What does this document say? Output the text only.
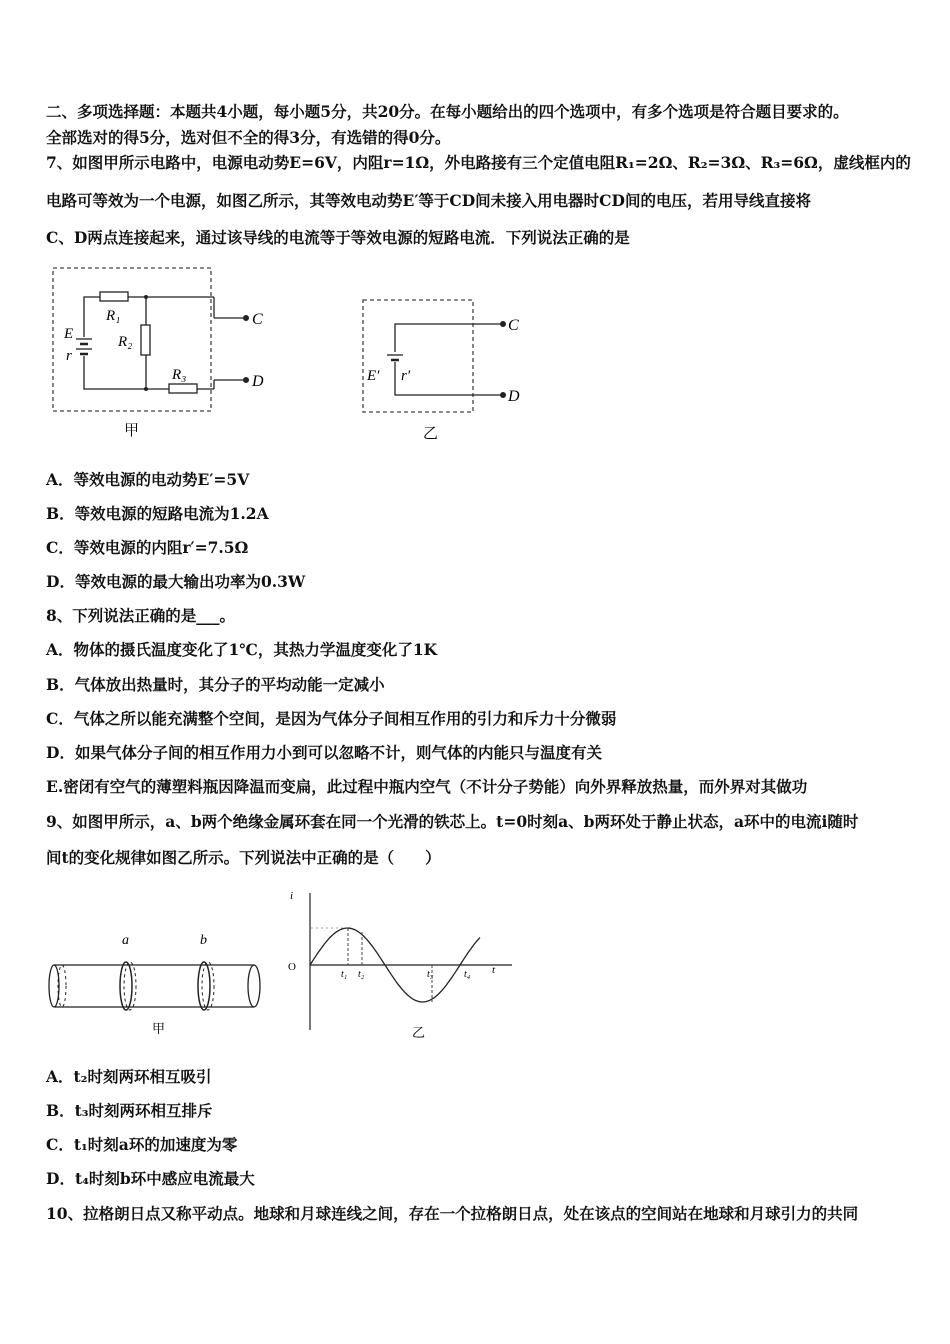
二、多项选择题：本题共4小题，每小题5分，共20分。在每小题给出的四个选项中，有多个选项是符合题目要求的。
全部选对的得5分，选对但不全的得3分，有选错的得0分。
7、如图甲所示电路中，电源电动势E=6V，内阻r=1Ω，外电路接有三个定值电阻R₁=2Ω、R₂=3Ω、R₃=6Ω，虚线框内的
电路可等效为一个电源，如图乙所示，其等效电动势E′等于CD间未接入用电器时CD间的电压，若用导线直接将
C、D两点连接起来，通过该导线的电流等于等效电源的短路电流．下列说法正确的是
R₁
R₂
R₃
E
r
C
D
甲
E′ r′
C
D
乙
A．等效电源的电动势E′=5V
B．等效电源的短路电流为1.2A
C．等效电源的内阻r′=7.5Ω
D．等效电源的最大输出功率为0.3W
8、下列说法正确的是___。
A．物体的摄氏温度变化了1℃，其热力学温度变化了1K
B．气体放出热量时，其分子的平均动能一定减小
C．气体之所以能充满整个空间，是因为气体分子间相互作用的引力和斥力十分微弱
D．如果气体分子间的相互作用力小到可以忽略不计，则气体的内能只与温度有关
E.密闭有空气的薄塑料瓶因降温而变扁，此过程中瓶内空气（不计分子势能）向外界释放热量，而外界对其做功
9、如图甲所示，a、b两个绝缘金属环套在同一个光滑的铁芯上。t=0时刻a、b两环处于静止状态，a环中的电流i随时
间t的变化规律如图乙所示。下列说法中正确的是（　　）
a	b
甲
i
t
O
t₁ t₂	t₃	t₄
乙
A．t₂时刻两环相互吸引
B．t₃时刻两环相互排斥
C．t₁时刻a环的加速度为零
D．t₄时刻b环中感应电流最大
10、拉格朗日点又称平动点。地球和月球连线之间，存在一个拉格朗日点，处在该点的空间站在地球和月球引力的共同
